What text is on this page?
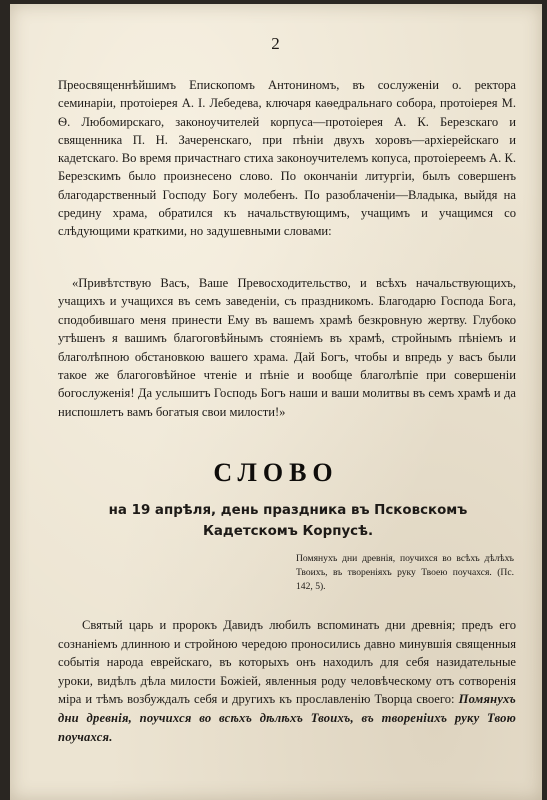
2
Преосвященнѣйшимъ Епископомъ Антониномъ, въ сослуженіи о. ректора семинаріи, протоіерея А. І. Лебедева, ключаря каѳедральнаго собора, протоіерея М. Ѳ. Любомирскаго, законоучителей корпуса—протоіерея А. К. Березскаго и священника П. Н. Зачеренскаго, при пѣніи двухъ хоровъ—архіерейскаго и кадетскаго. Во время причастнаго стиха законоучителемъ копуса, протоіереемъ А. К. Березскимъ было произнесено слово. По окончаніи литургіи, былъ совершенъ благодарственный Господу Богу молебенъ. По разоблаченіи—Владыка, выйдя на средину храма, обратился къ начальствующимъ, учащимъ и учащимся со слѣдующими краткими, но задушевными словами:
«Привѣтствую Васъ, Ваше Превосходительство, и всѣхъ начальствующихъ, учащихъ и учащихся въ семъ заведеніи, съ праздникомъ. Благодарю Господа Бога, сподобившаго меня принести Ему въ вашемъ храмѣ безкровную жертву. Глубоко утѣшенъ я вашимъ благоговѣйнымъ стояніемъ въ храмѣ, стройнымъ пѣніемъ и благолѣпною обстановкою вашего храма. Дай Богъ, чтобы и впредь у васъ были такое же благоговѣйное чтеніе и пѣніе и вообще благолѣпіе при совершеніи богослуженія! Да услышитъ Господь Богъ наши и ваши молитвы въ семъ храмѣ и да ниспошлетъ вамъ богатыя свои милости!»
СЛОВО
на 19 апрѣля, день праздника въ Псковскомъ Кадетскомъ Корпусѣ.
Помянухъ дни древнія, поучихся во всѣхъ дѣлѣхъ Твоихъ, въ твореніяхъ руку Твоею поучахся. (Пс. 142, 5).
Святый царь и пророкъ Давидъ любилъ вспоминать дни древнія; предъ его сознаніемъ длинною и стройною чередою проносились давно минувшія священныя событія народа еврейскаго, въ которыхъ онъ находилъ для себя назидательные уроки, видѣлъ дѣла милости Божіей, явленныя роду человѣческому отъ сотворенія міра и тѣмъ возбуждалъ себя и другихъ къ прославленію Творца своего: Помянухъ дни древнія, поучихся во всѣхъ дѣлѣхъ Твоихъ, въ твореніихъ руку Твою поучахся.
